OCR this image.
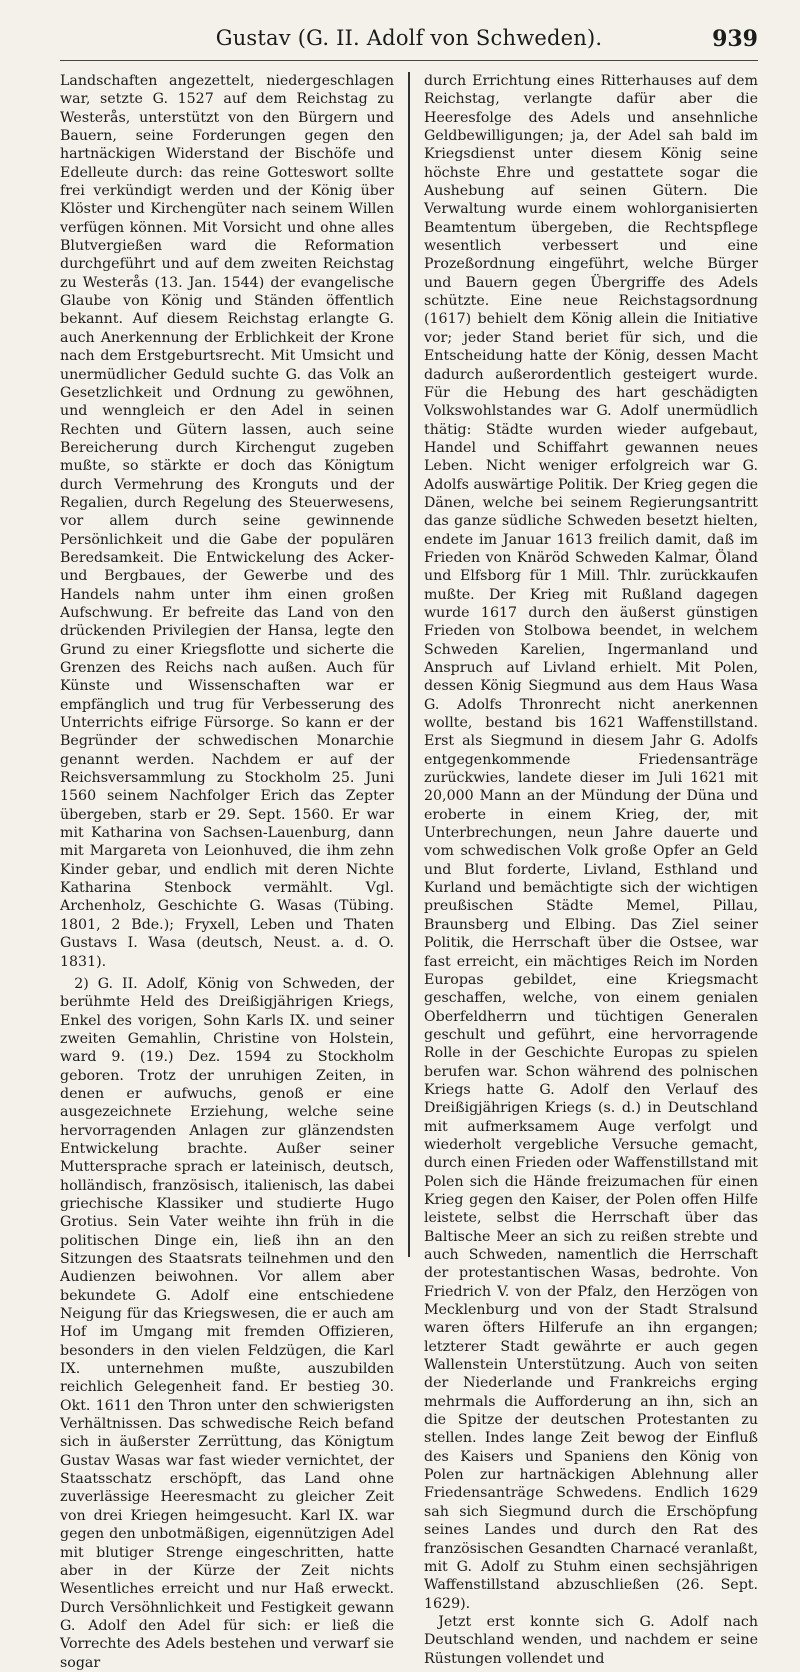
Gustav (G. II. Adolf von Schweden).	939

Landschaften angezettelt, niedergeschlagen war, setzte G. 1527 auf dem Reichstag zu Westerås, unterstützt von den Bürgern und Bauern, seine Forderungen gegen den hartnäckigen Widerstand der Bischöfe und Edelleute durch: das reine Gotteswort sollte frei verkündigt werden und der König über Klöster und Kirchengüter nach seinem Willen verfügen können. Mit Vorsicht und ohne alles Blutvergießen ward die Reformation durchgeführt und auf dem zweiten Reichstag zu Westerås (13. Jan. 1544) der evangelische Glaube von König und Ständen öffentlich bekannt. Auf diesem Reichstag erlangte G. auch Anerkennung der Erblichkeit der Krone nach dem Erstgeburtsrecht. Mit Umsicht und unermüdlicher Geduld suchte G. das Volk an Gesetzlichkeit und Ordnung zu gewöhnen, und wenngleich er den Adel in seinen Rechten und Gütern lassen, auch seine Bereicherung durch Kirchengut zugeben mußte, so stärkte er doch das Königtum durch Vermehrung des Kronguts und der Regalien, durch Regelung des Steuerwesens, vor allem durch seine gewinnende Persönlichkeit und die Gabe der populären Beredsamkeit. Die Entwickelung des Acker- und Bergbaues, der Gewerbe und des Handels nahm unter ihm einen großen Aufschwung. Er befreite das Land von den drückenden Privilegien der Hansa, legte den Grund zu einer Kriegsflotte und sicherte die Grenzen des Reichs nach außen. Auch für Künste und Wissenschaften war er empfänglich und trug für Verbesserung des Unterrichts eifrige Fürsorge. So kann er der Begründer der schwedischen Monarchie genannt werden. Nachdem er auf der Reichsversammlung zu Stockholm 25. Juni 1560 seinem Nachfolger Erich das Zepter übergeben, starb er 29. Sept. 1560. Er war mit Katharina von Sachsen-Lauenburg, dann mit Margareta von Leionhuved, die ihm zehn Kinder gebar, und endlich mit deren Nichte Katharina Stenbock vermählt. Vgl. Archenholz, Geschichte G. Wasas (Tübing. 1801, 2 Bde.); Fryxell, Leben und Thaten Gustavs I. Wasa (deutsch, Neust. a. d. O. 1831).

2) G. II. Adolf, König von Schweden, der berühmte Held des Dreißigjährigen Kriegs, Enkel des vorigen, Sohn Karls IX. und seiner zweiten Gemahlin, Christine von Holstein, ward 9. (19.) Dez. 1594 zu Stockholm geboren. Trotz der unruhigen Zeiten, in denen er aufwuchs, genoß er eine ausgezeichnete Erziehung, welche seine hervorragenden Anlagen zur glänzendsten Entwickelung brachte. Außer seiner Muttersprache sprach er lateinisch, deutsch, holländisch, französisch, italienisch, las dabei griechische Klassiker und studierte Hugo Grotius. Sein Vater weihte ihn früh in die politischen Dinge ein, ließ ihn an den Sitzungen des Staatsrats teilnehmen und den Audienzen beiwohnen. Vor allem aber bekundete G. Adolf eine entschiedene Neigung für das Kriegswesen, die er auch am Hof im Umgang mit fremden Offizieren, besonders in den vielen Feldzügen, die Karl IX. unternehmen mußte, auszubilden reichlich Gelegenheit fand. Er bestieg 30. Okt. 1611 den Thron unter den schwierigsten Verhältnissen. Das schwedische Reich befand sich in äußerster Zerrüttung, das Königtum Gustav Wasas war fast wieder vernichtet, der Staatsschatz erschöpft, das Land ohne zuverlässige Heeresmacht zu gleicher Zeit von drei Kriegen heimgesucht. Karl IX. war gegen den unbotmäßigen, eigennützigen Adel mit blutiger Strenge eingeschritten, hatte aber in der Kürze der Zeit nichts Wesentliches erreicht und nur Haß erweckt. Durch Versöhnlichkeit und Festigkeit gewann G. Adolf den Adel für sich: er ließ die Vorrechte des Adels bestehen und verwarf sie sogar

durch Errichtung eines Ritterhauses auf dem Reichstag, verlangte dafür aber die Heeresfolge des Adels und ansehnliche Geldbewilligungen; ja, der Adel sah bald im Kriegsdienst unter diesem König seine höchste Ehre und gestattete sogar die Aushebung auf seinen Gütern. Die Verwaltung wurde einem wohlorganisierten Beamtentum übergeben, die Rechtspflege wesentlich verbessert und eine Prozeßordnung eingeführt, welche Bürger und Bauern gegen Übergriffe des Adels schützte. Eine neue Reichstagsordnung (1617) behielt dem König allein die Initiative vor; jeder Stand beriet für sich, und die Entscheidung hatte der König, dessen Macht dadurch außerordentlich gesteigert wurde. Für die Hebung des hart geschädigten Volkswohlstandes war G. Adolf unermüdlich thätig: Städte wurden wieder aufgebaut, Handel und Schiffahrt gewannen neues Leben. Nicht weniger erfolgreich war G. Adolfs auswärtige Politik. Der Krieg gegen die Dänen, welche bei seinem Regierungsantritt das ganze südliche Schweden besetzt hielten, endete im Januar 1613 freilich damit, daß im Frieden von Knäröd Schweden Kalmar, Öland und Elfsborg für 1 Mill. Thlr. zurückkaufen mußte. Der Krieg mit Rußland dagegen wurde 1617 durch den äußerst günstigen Frieden von Stolbowa beendet, in welchem Schweden Karelien, Ingermanland und Anspruch auf Livland erhielt. Mit Polen, dessen König Siegmund aus dem Haus Wasa G. Adolfs Thronrecht nicht anerkennen wollte, bestand bis 1621 Waffenstillstand. Erst als Siegmund in diesem Jahr G. Adolfs entgegenkommende Friedensanträge zurückwies, landete dieser im Juli 1621 mit 20,000 Mann an der Mündung der Düna und eroberte in einem Krieg, der, mit Unterbrechungen, neun Jahre dauerte und vom schwedischen Volk große Opfer an Geld und Blut forderte, Livland, Esthland und Kurland und bemächtigte sich der wichtigen preußischen Städte Memel, Pillau, Braunsberg und Elbing. Das Ziel seiner Politik, die Herrschaft über die Ostsee, war fast erreicht, ein mächtiges Reich im Norden Europas gebildet, eine Kriegsmacht geschaffen, welche, von einem genialen Oberfeldherrn und tüchtigen Generalen geschult und geführt, eine hervorragende Rolle in der Geschichte Europas zu spielen berufen war. Schon während des polnischen Kriegs hatte G. Adolf den Verlauf des Dreißigjährigen Kriegs (s. d.) in Deutschland mit aufmerksamem Auge verfolgt und wiederholt vergebliche Versuche gemacht, durch einen Frieden oder Waffenstillstand mit Polen sich die Hände freizumachen für einen Krieg gegen den Kaiser, der Polen offen Hilfe leistete, selbst die Herrschaft über das Baltische Meer an sich zu reißen strebte und auch Schweden, namentlich die Herrschaft der protestantischen Wasas, bedrohte. Von Friedrich V. von der Pfalz, den Herzögen von Mecklenburg und von der Stadt Stralsund waren öfters Hilferufe an ihn ergangen; letzterer Stadt gewährte er auch gegen Wallenstein Unterstützung. Auch von seiten der Niederlande und Frankreichs erging mehrmals die Aufforderung an ihn, sich an die Spitze der deutschen Protestanten zu stellen. Indes lange Zeit bewog der Einfluß des Kaisers und Spaniens den König von Polen zur hartnäckigen Ablehnung aller Friedensanträge Schwedens. Endlich 1629 sah sich Siegmund durch die Erschöpfung seines Landes und durch den Rat des französischen Gesandten Charnacé veranlaßt, mit G. Adolf zu Stuhm einen sechsjährigen Waffenstillstand abzuschließen (26. Sept. 1629).

Jetzt erst konnte sich G. Adolf nach Deutschland wenden, und nachdem er seine Rüstungen vollendet und
